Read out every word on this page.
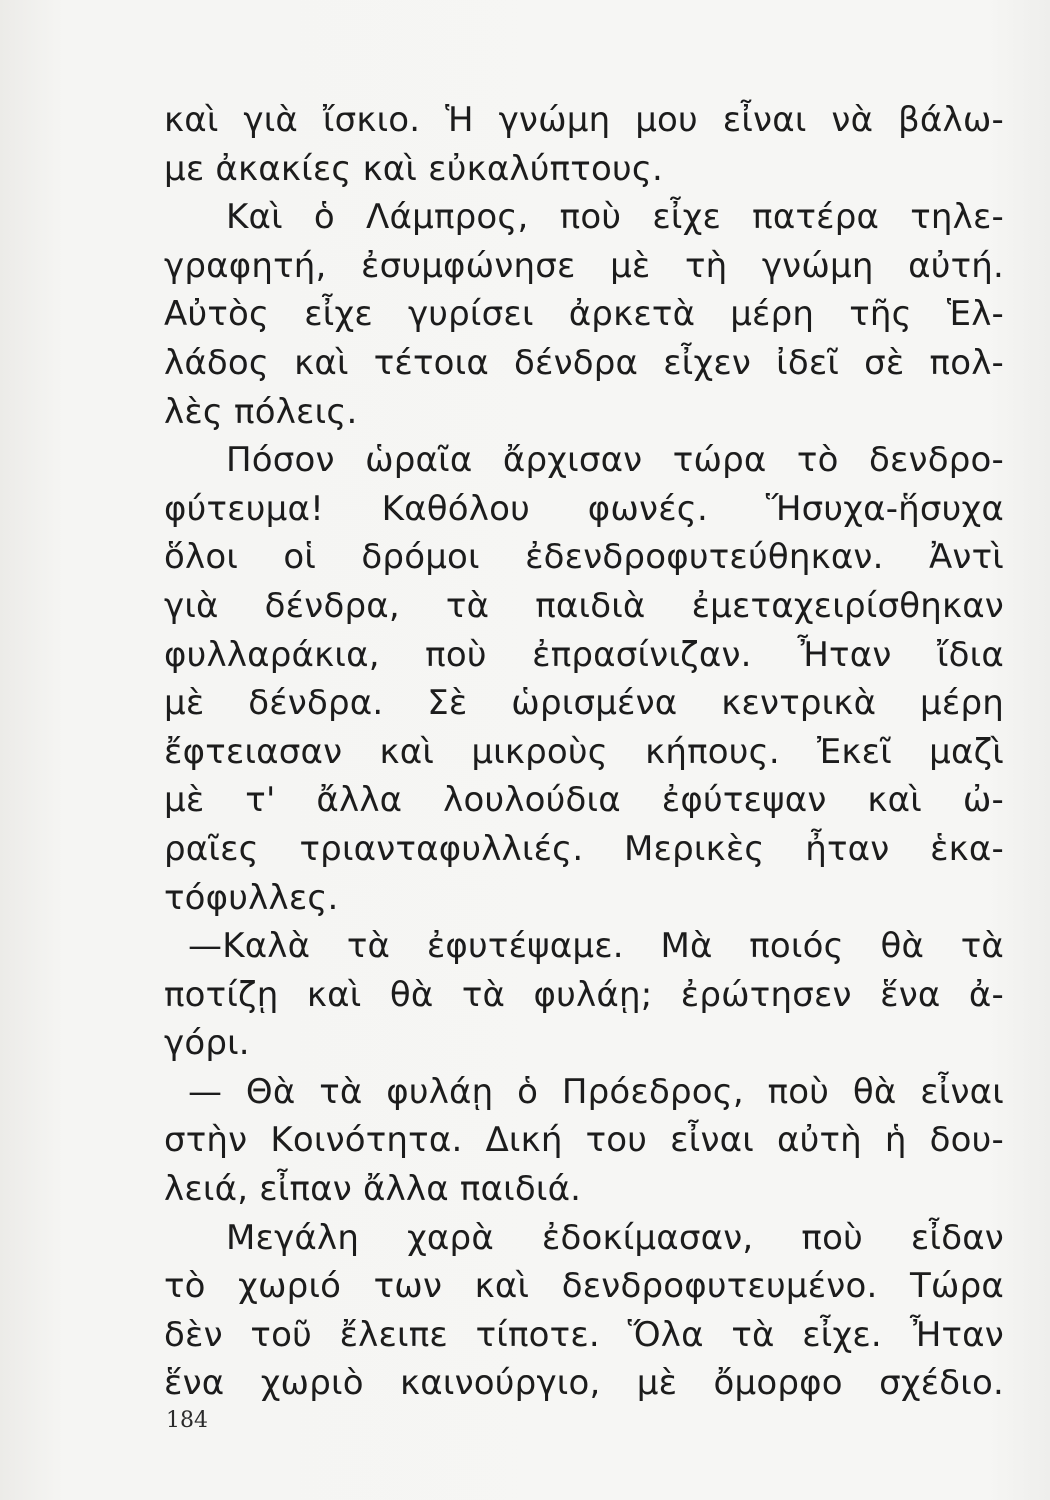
καὶ γιὰ ἴσκιο. Ἡ γνώμη μου εἶναι νὰ βάλω-
με ἀκακίες καὶ εὐκαλύπτους.
Καὶ ὁ Λάμπρος, ποὺ εἶχε πατέρα τηλε-
γραφητή, ἐσυμφώνησε μὲ τὴ γνώμη αὐτή.
Αὐτὸς εἶχε γυρίσει ἀρκετὰ μέρη τῆς Ἑλ-
λάδος καὶ τέτοια δένδρα εἶχεν ἰδεῖ σὲ πολ-
λὲς πόλεις.
Πόσον ὡραῖα ἄρχισαν τώρα τὸ δενδρο-
φύτευμα! Καθόλου φωνές. Ἥσυχα-ἥσυχα
ὅλοι οἱ δρόμοι ἐδενδροφυτεύθηκαν. Ἀντὶ
γιὰ δένδρα, τὰ παιδιὰ ἐμεταχειρίσθηκαν
φυλλαράκια, ποὺ ἐπρασίνιζαν. Ἦταν ἴδια
μὲ δένδρα. Σὲ ὡρισμένα κεντρικὰ μέρη
ἔφτειασαν καὶ μικροὺς κήπους. Ἐκεῖ μαζὶ
μὲ τ' ἄλλα λουλούδια ἐφύτεψαν καὶ ὠ-
ραῖες τριανταφυλλιές. Μερικὲς ἦταν ἑκα-
τόφυλλες.
—Καλὰ τὰ ἐφυτέψαμε. Μὰ ποιός θὰ τὰ
ποτίζῃ καὶ θὰ τὰ φυλάῃ; ἐρώτησεν ἕνα ἀ-
γόρι.
— Θὰ τὰ φυλάῃ ὁ Πρόεδρος, ποὺ θὰ εἶναι
στὴν Κοινότητα. Δική του εἶναι αὐτὴ ἡ δου-
λειά, εἶπαν ἄλλα παιδιά.
Μεγάλη χαρὰ ἐδοκίμασαν, ποὺ εἶδαν
τὸ χωριό των καὶ δενδροφυτευμένο. Τώρα
δὲν τοῦ ἔλειπε τίποτε. Ὅλα τὰ εἶχε. Ἦταν
ἕνα χωριὸ καινούργιο, μὲ ὄμορφο σχέδιο.
184
